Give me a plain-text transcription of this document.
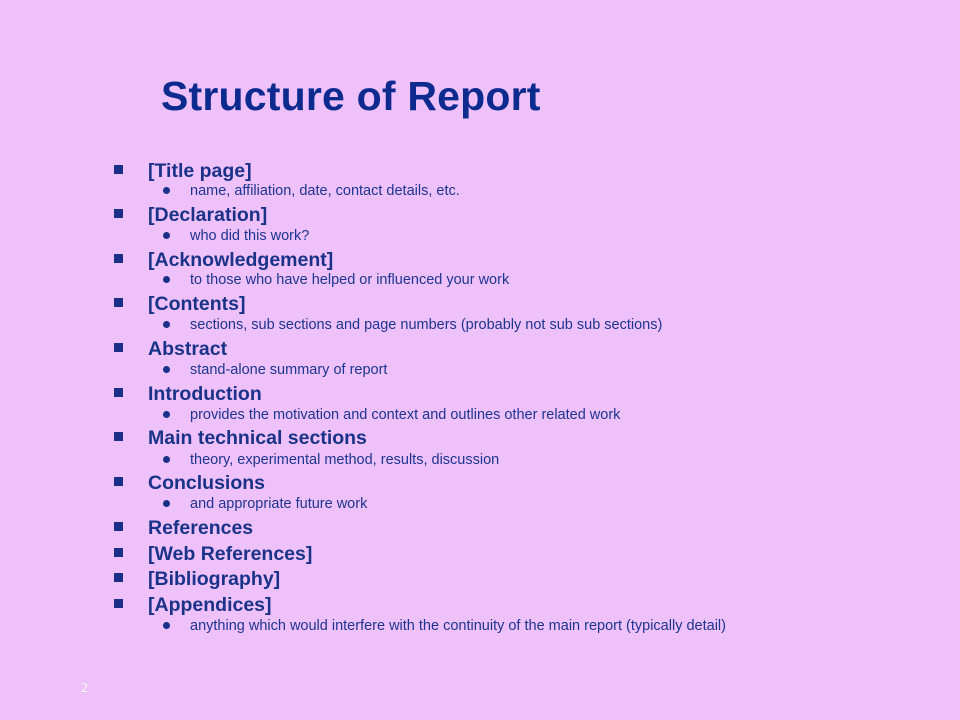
Structure of Report
[Title page]
name, affiliation, date, contact details, etc.
[Declaration]
who did this work?
[Acknowledgement]
to those who have helped or influenced your work
[Contents]
sections, sub sections and page numbers (probably not sub sub sections)
Abstract
stand-alone summary of report
Introduction
provides the motivation and context and outlines other related work
Main technical sections
theory, experimental method, results, discussion
Conclusions
and appropriate future work
References
[Web References]
[Bibliography]
[Appendices]
anything which would interfere with the continuity of the main report (typically detail)
2
